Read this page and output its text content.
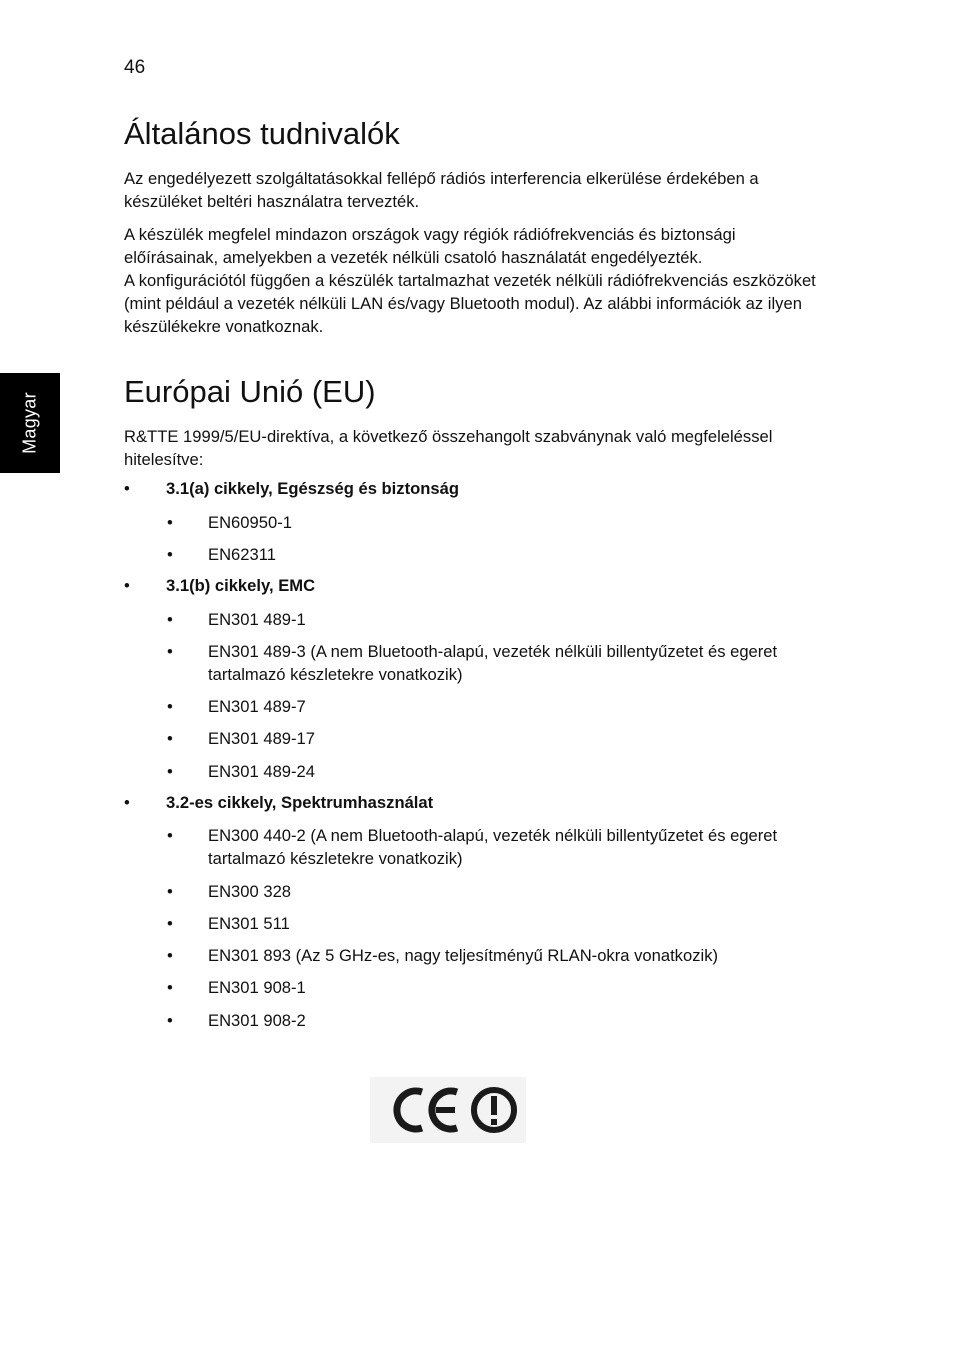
46
Magyar
Általános tudnivalók

Az engedélyezett szolgáltatásokkal fellépő rádiós interferencia elkerülése érdekében a készüléket beltéri használatra tervezték.

A készülék megfelel mindazon országok vagy régiók rádiófrekvenciás és biztonsági előírásainak, amelyekben a vezeték nélküli csatoló használatát engedélyezték.

A konfigurációtól függően a készülék tartalmazhat vezeték nélküli rádiófrekvenciás eszközöket (mint például a vezeték nélküli LAN és/vagy Bluetooth modul). Az alábbi információk az ilyen készülékekre vonatkoznak.

Európai Unió (EU)

R&TTE 1999/5/EU-direktíva, a következő összehangolt szabványnak való megfeleléssel hitelesítve:

• 3.1(a) cikkely, Egészség és biztonság
• EN60950-1
• EN62311
• 3.1(b) cikkely, EMC
• EN301 489-1
• EN301 489-3 (A nem Bluetooth-alapú, vezeték nélküli billentyűzetet és egeret tartalmazó készletekre vonatkozik)
• EN301 489-7
• EN301 489-17
• EN301 489-24
• 3.2-es cikkely, Spektrumhasználat
• EN300 440-2 (A nem Bluetooth-alapú, vezeték nélküli billentyűzetet és egeret tartalmazó készletekre vonatkozik)
• EN300 328
• EN301 511
• EN301 893 (Az 5 GHz-es, nagy teljesítményű RLAN-okra vonatkozik)
• EN301 908-1
• EN301 908-2
